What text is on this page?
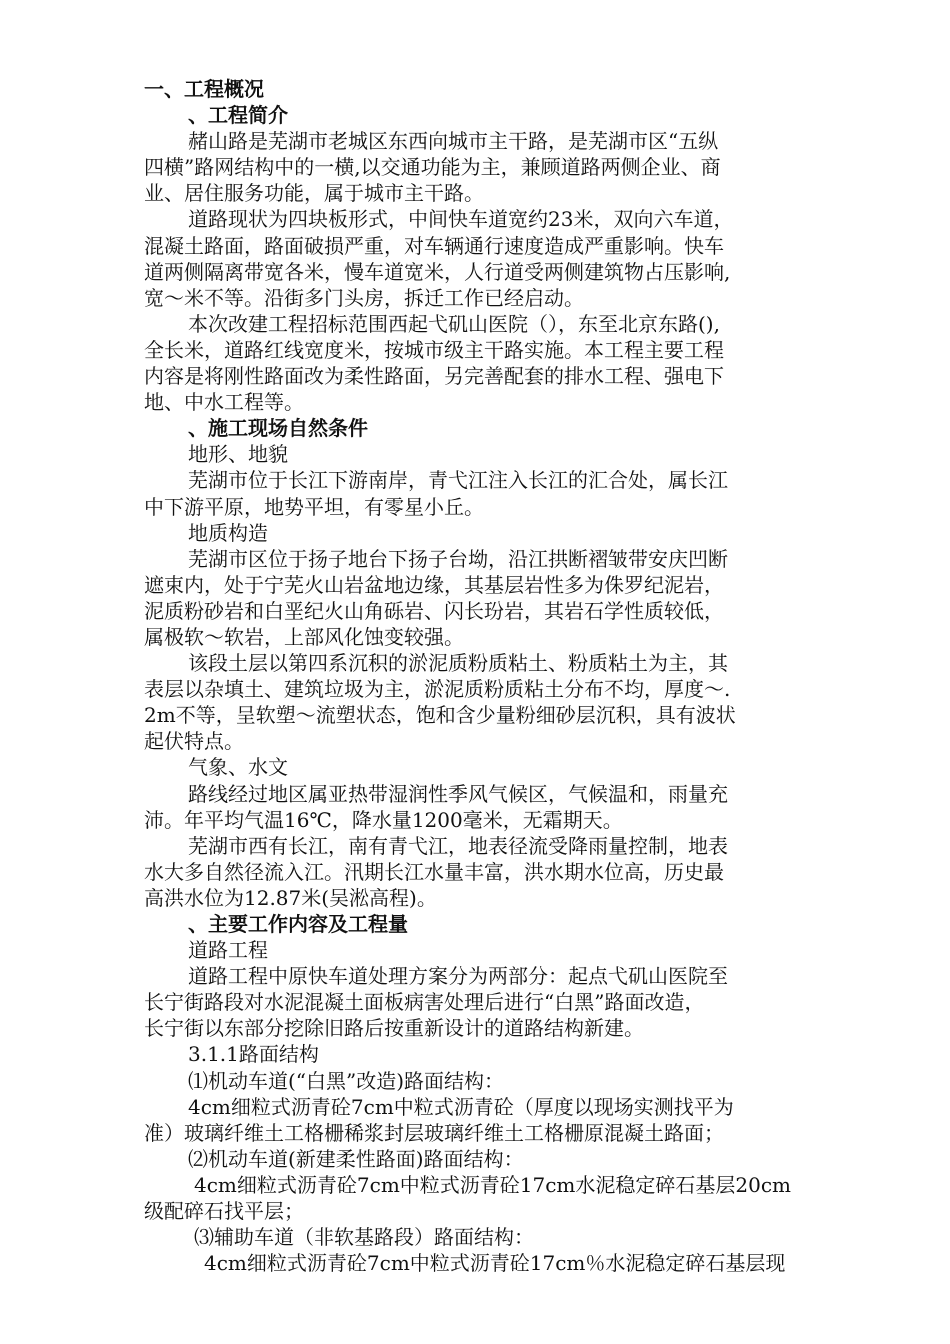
一、工程概况
、工程简介
赭山路是芜湖市老城区东西向城市主干路，是芜湖市区“五纵
四横”路网结构中的一横,以交通功能为主，兼顾道路两侧企业、商
业、居住服务功能，属于城市主干路。
道路现状为四块板形式，中间快车道宽约23米，双向六车道，
混凝土路面，路面破损严重，对车辆通行速度造成严重影响。快车
道两侧隔离带宽各米，慢车道宽米，人行道受两侧建筑物占压影响,
宽～米不等。沿街多门头房，拆迁工作已经启动。
本次改建工程招标范围西起弋矶山医院（），东至北京东路(),
全长米，道路红线宽度米，按城市级主干路实施。本工程主要工程
内容是将刚性路面改为柔性路面，另完善配套的排水工程、强电下
地、中水工程等。
、施工现场自然条件
地形、地貌
芜湖市位于长江下游南岸，青弋江注入长江的汇合处，属长江
中下游平原，地势平坦，有零星小丘。
地质构造
芜湖市区位于扬子地台下扬子台坳，沿江拱断褶皱带安庆凹断
遮束内，处于宁芜火山岩盆地边缘，其基层岩性多为侏罗纪泥岩，
泥质粉砂岩和白垩纪火山角砾岩、闪长玢岩，其岩石学性质较低，
属极软～软岩，上部风化蚀变较强。
该段土层以第四系沉积的淤泥质粉质粘土、粉质粘土为主，其
表层以杂填土、建筑垃圾为主，淤泥质粉质粘土分布不均，厚度～.
2m不等，呈软塑～流塑状态，饱和含少量粉细砂层沉积，具有波状
起伏特点。
气象、水文
路线经过地区属亚热带湿润性季风气候区，气候温和，雨量充
沛。年平均气温16℃，降水量1200毫米，无霜期天。
芜湖市西有长江，南有青弋江，地表径流受降雨量控制，地表
水大多自然径流入江。汛期长江水量丰富，洪水期水位高，历史最
高洪水位为12.87米(吴淞高程)。
、主要工作内容及工程量
道路工程
道路工程中原快车道处理方案分为两部分：起点弋矶山医院至
长宁街路段对水泥混凝土面板病害处理后进行“白黑”路面改造，
长宁街以东部分挖除旧路后按重新设计的道路结构新建。
3.1.1路面结构
⑴机动车道(“白黑”改造)路面结构：
4cm细粒式沥青砼7cm中粒式沥青砼（厚度以现场实测找平为
准）玻璃纤维土工格栅稀浆封层玻璃纤维土工格栅原混凝土路面；
⑵机动车道(新建柔性路面)路面结构：
4cm细粒式沥青砼7cm中粒式沥青砼17cm水泥稳定碎石基层20cm
级配碎石找平层；
⑶辅助车道（非软基路段）路面结构：
4cm细粒式沥青砼7cm中粒式沥青砼17cm％水泥稳定碎石基层现
